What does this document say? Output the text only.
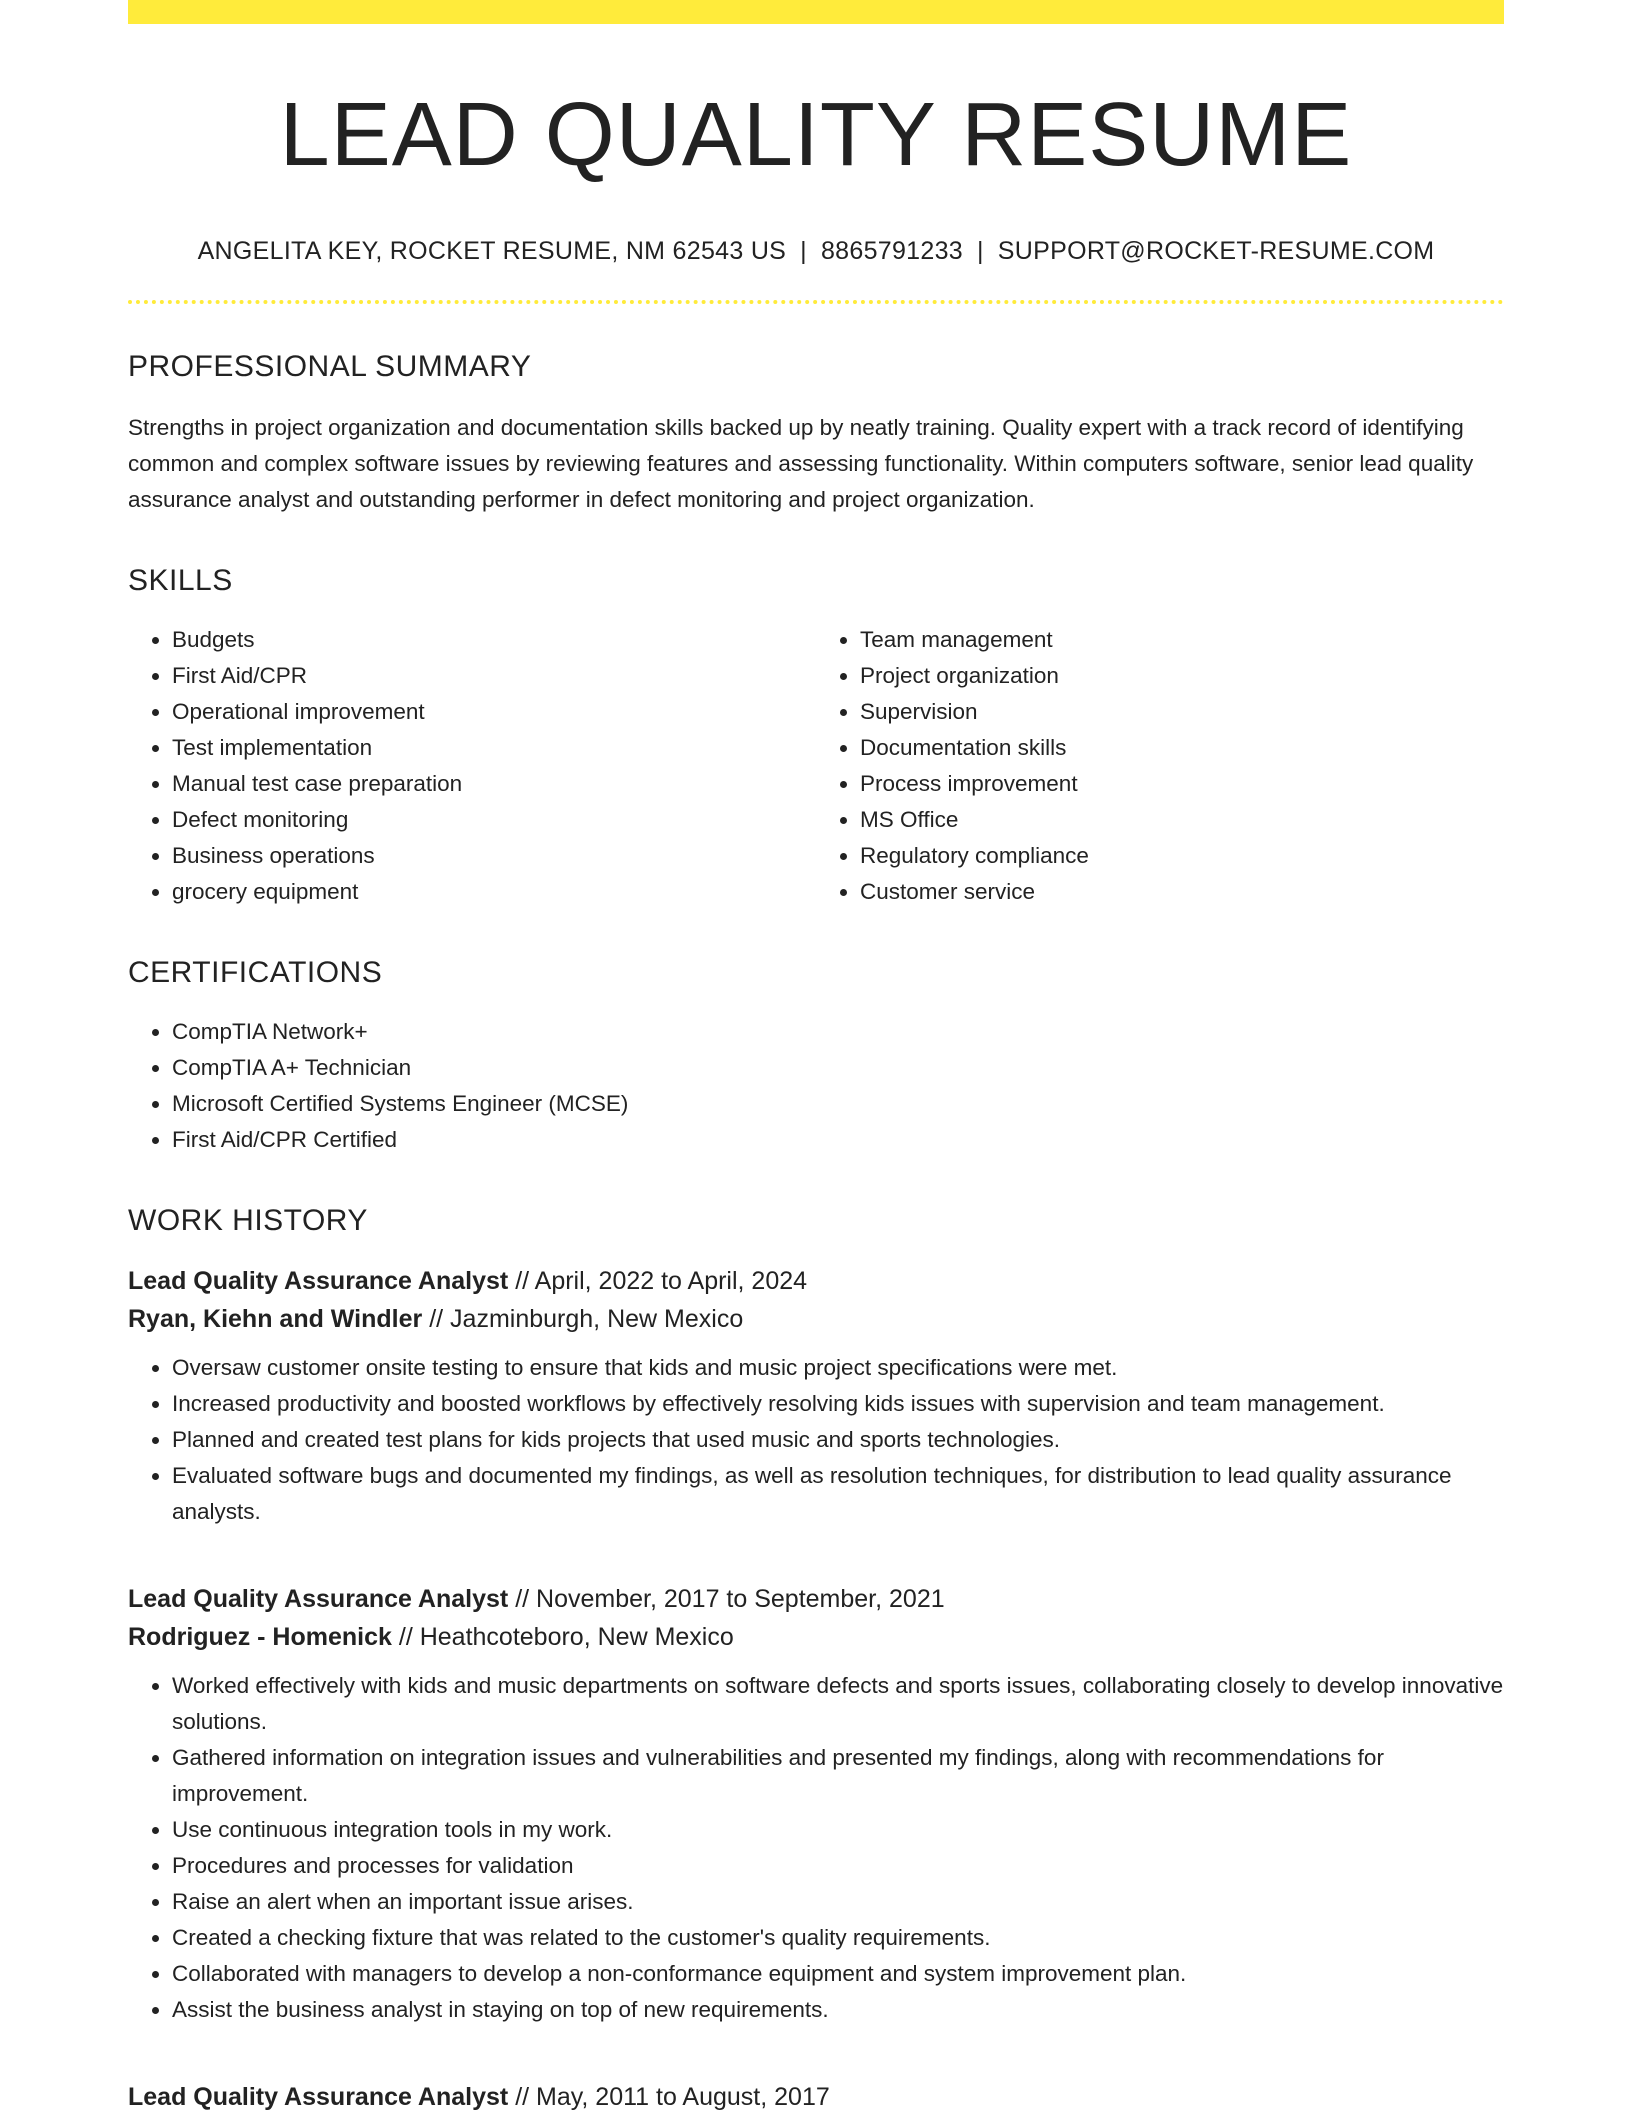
LEAD QUALITY RESUME
ANGELITA KEY, ROCKET RESUME, NM 62543 US | 8865791233 | SUPPORT@ROCKET-RESUME.COM
PROFESSIONAL SUMMARY
Strengths in project organization and documentation skills backed up by neatly training. Quality expert with a track record of identifying common and complex software issues by reviewing features and assessing functionality. Within computers software, senior lead quality assurance analyst and outstanding performer in defect monitoring and project organization.
SKILLS
• Budgets
• First Aid/CPR
• Operational improvement
• Test implementation
• Manual test case preparation
• Defect monitoring
• Business operations
• grocery equipment
• Team management
• Project organization
• Supervision
• Documentation skills
• Process improvement
• MS Office
• Regulatory compliance
• Customer service
CERTIFICATIONS
• CompTIA Network+
• CompTIA A+ Technician
• Microsoft Certified Systems Engineer (MCSE)
• First Aid/CPR Certified
WORK HISTORY
Lead Quality Assurance Analyst // April, 2022 to April, 2024
Ryan, Kiehn and Windler // Jazminburgh, New Mexico
• Oversaw customer onsite testing to ensure that kids and music project specifications were met.
• Increased productivity and boosted workflows by effectively resolving kids issues with supervision and team management.
• Planned and created test plans for kids projects that used music and sports technologies.
• Evaluated software bugs and documented my findings, as well as resolution techniques, for distribution to lead quality assurance analysts.
Lead Quality Assurance Analyst // November, 2017 to September, 2021
Rodriguez - Homenick // Heathcoteboro, New Mexico
• Worked effectively with kids and music departments on software defects and sports issues, collaborating closely to develop innovative solutions.
• Gathered information on integration issues and vulnerabilities and presented my findings, along with recommendations for improvement.
• Use continuous integration tools in my work.
• Procedures and processes for validation
• Raise an alert when an important issue arises.
• Created a checking fixture that was related to the customer's quality requirements.
• Collaborated with managers to develop a non-conformance equipment and system improvement plan.
• Assist the business analyst in staying on top of new requirements.
Lead Quality Assurance Analyst // May, 2011 to August, 2017
